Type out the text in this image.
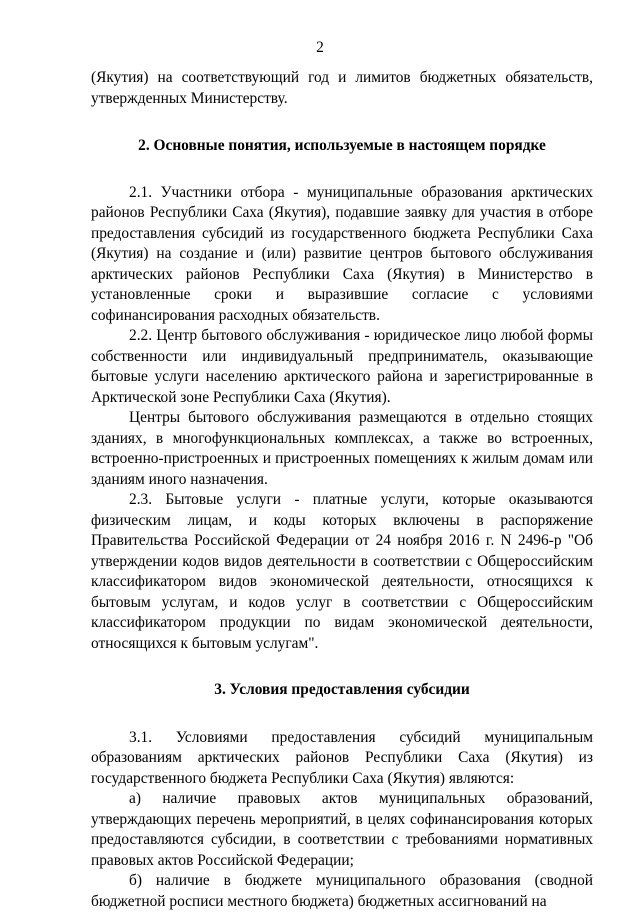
2

(Якутия) на соответствующий год и лимитов бюджетных обязательств, утвержденных Министерству.

2. Основные понятия, используемые в настоящем порядке

2.1. Участники отбора - муниципальные образования арктических районов Республики Саха (Якутия), подавшие заявку для участия в отборе предоставления субсидий из государственного бюджета Республики Саха (Якутия) на создание и (или) развитие центров бытового обслуживания арктических районов Республики Саха (Якутия) в Министерство в установленные сроки и выразившие согласие с условиями софинансирования расходных обязательств.

2.2. Центр бытового обслуживания - юридическое лицо любой формы собственности или индивидуальный предприниматель, оказывающие бытовые услуги населению арктического района и зарегистрированные в Арктической зоне Республики Саха (Якутия).

Центры бытового обслуживания размещаются в отдельно стоящих зданиях, в многофункциональных комплексах, а также во встроенных, встроенно-пристроенных и пристроенных помещениях к жилым домам или зданиям иного назначения.

2.3. Бытовые услуги - платные услуги, которые оказываются физическим лицам, и коды которых включены в распоряжение Правительства Российской Федерации от 24 ноября 2016 г. N 2496-р "Об утверждении кодов видов деятельности в соответствии с Общероссийским классификатором видов экономической деятельности, относящихся к бытовым услугам, и кодов услуг в соответствии с Общероссийским классификатором продукции по видам экономической деятельности, относящихся к бытовым услугам".

3. Условия предоставления субсидии

3.1. Условиями предоставления субсидий муниципальным образованиям арктических районов Республики Саха (Якутия) из государственного бюджета Республики Саха (Якутия) являются:

а) наличие правовых актов муниципальных образований, утверждающих перечень мероприятий, в целях софинансирования которых предоставляются субсидии, в соответствии с требованиями нормативных правовых актов Российской Федерации;

б) наличие в бюджете муниципального образования (сводной бюджетной росписи местного бюджета) бюджетных ассигнований на
